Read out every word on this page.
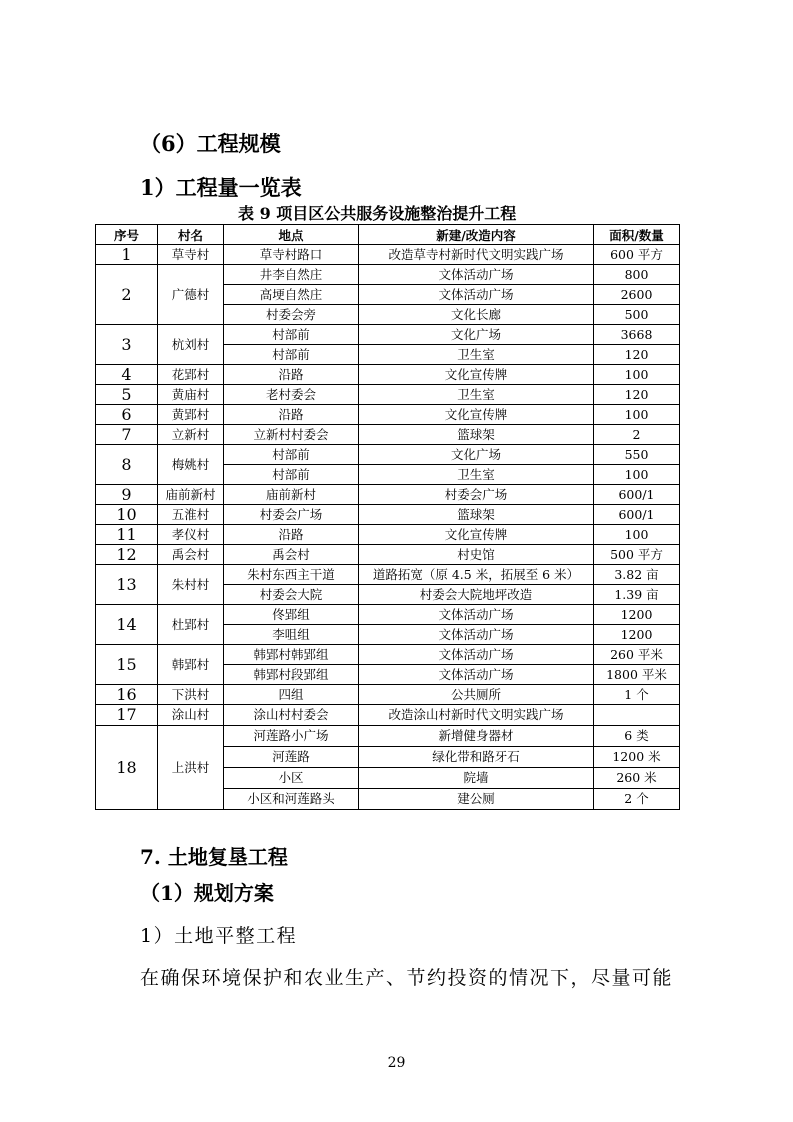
（6）工程规模
1）工程量一览表
表 9 项目区公共服务设施整治提升工程
序号	村名	地点	新建/改造内容	面积/数量
1	草寺村	草寺村路口	改造草寺村新时代文明实践广场	600 平方
2	广德村	井李自然庄	文体活动广场	800
		高埂自然庄	文体活动广场	2600
		村委会旁	文化长廊	500
3	杭刘村	村部前	文化广场	3668
		村部前	卫生室	120
4	花郢村	沿路	文化宣传牌	100
5	黄庙村	老村委会	卫生室	120
6	黄郢村	沿路	文化宣传牌	100
7	立新村	立新村村委会	篮球架	2
8	梅姚村	村部前	文化广场	550
		村部前	卫生室	100
9	庙前新村	庙前新村	村委会广场	600/1
10	五淮村	村委会广场	篮球架	600/1
11	孝仪村	沿路	文化宣传牌	100
12	禹会村	禹会村	村史馆	500 平方
13	朱村村	朱村东西主干道	道路拓宽（原 4.5 米，拓展至 6 米）	3.82 亩
		村委会大院	村委会大院地坪改造	1.39 亩
14	杜郢村	佟郢组	文体活动广场	1200
		李咀组	文体活动广场	1200
15	韩郢村	韩郢村韩郢组	文体活动广场	260 平米
		韩郢村段郢组	文体活动广场	1800 平米
16	下洪村	四组	公共厕所	1 个
17	涂山村	涂山村村委会	改造涂山村新时代文明实践广场	
18	上洪村	河莲路小广场	新增健身器材	6 类
		河莲路	绿化带和路牙石	1200 米
		小区	院墙	260 米
		小区和河莲路头	建公厕	2 个
7. 土地复垦工程
（1）规划方案
1）土地平整工程
在确保环境保护和农业生产、节约投资的情况下，尽量可能
29
